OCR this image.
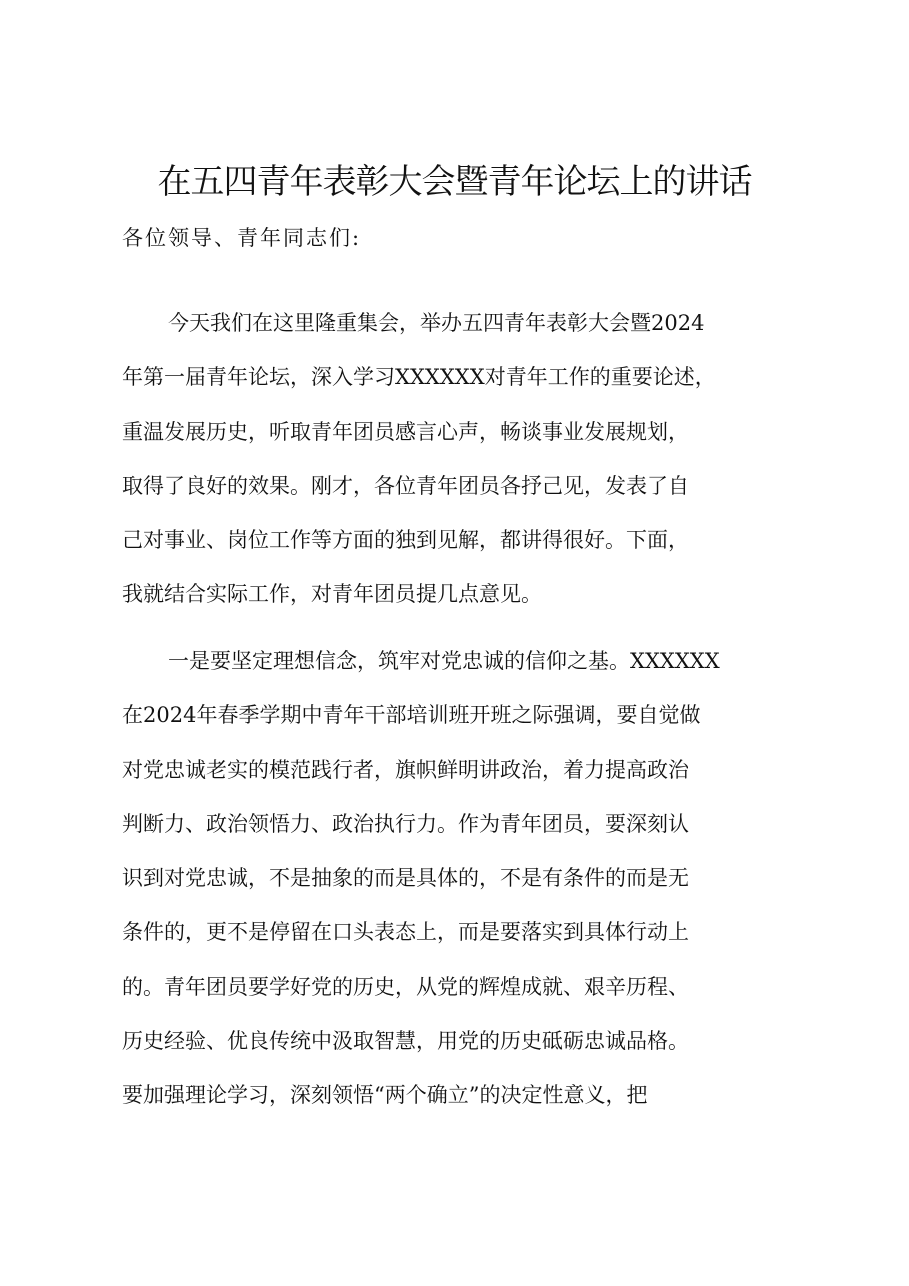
在五四青年表彰大会暨青年论坛上的讲话

各位领导、青年同志们:

今天我们在这里隆重集会，举办五四青年表彰大会暨2024
年第一届青年论坛，深入学习XXXXXX对青年工作的重要论述，
重温发展历史，听取青年团员感言心声，畅谈事业发展规划，
取得了良好的效果。刚才，各位青年团员各抒己见，发表了自
己对事业、岗位工作等方面的独到见解，都讲得很好。下面，
我就结合实际工作，对青年团员提几点意见。
一是要坚定理想信念，筑牢对党忠诚的信仰之基。XXXXXX
在2024年春季学期中青年干部培训班开班之际强调，要自觉做
对党忠诚老实的模范践行者，旗帜鲜明讲政治，着力提高政治
判断力、政治领悟力、政治执行力。作为青年团员，要深刻认
识到对党忠诚，不是抽象的而是具体的，不是有条件的而是无
条件的，更不是停留在口头表态上，而是要落实到具体行动上
的。青年团员要学好党的历史，从党的辉煌成就、艰辛历程、
历史经验、优良传统中汲取智慧，用党的历史砥砺忠诚品格。
要加强理论学习，深刻领悟“两个确立”的决定性意义，把
